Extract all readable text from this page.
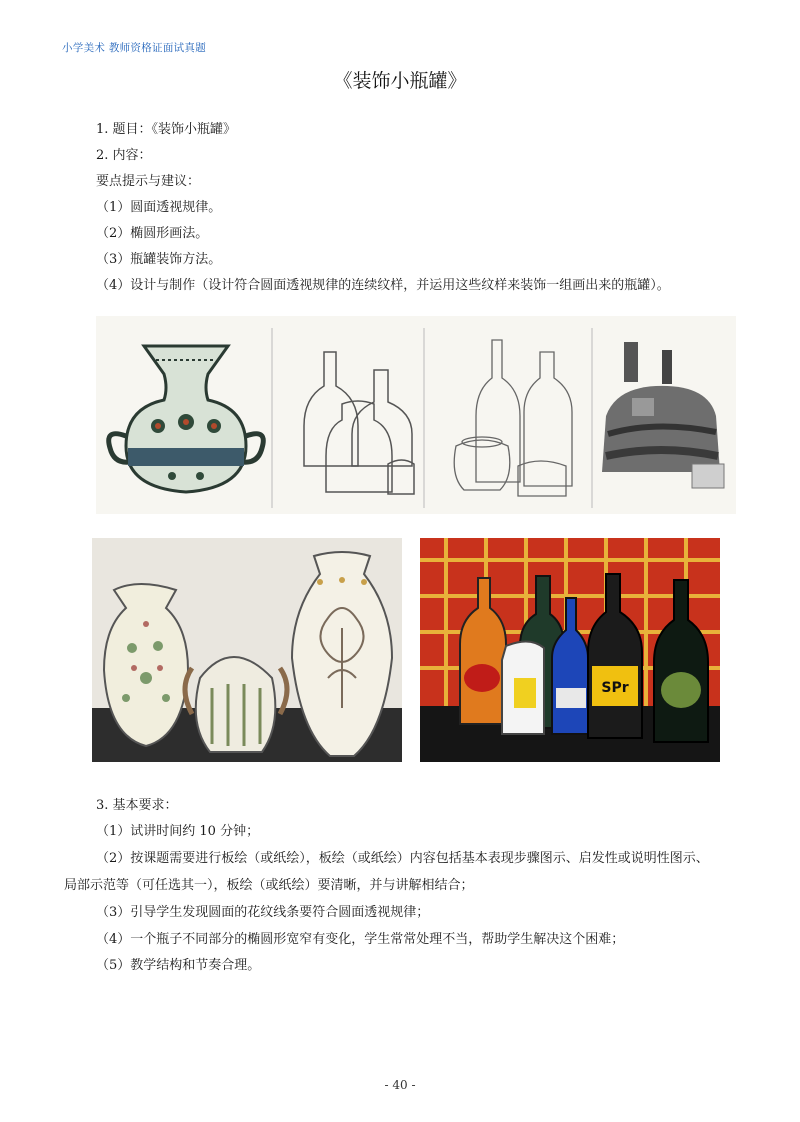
小学美术 教师资格证面试真题
《装饰小瓶罐》
1. 题目：《装饰小瓶罐》
2. 内容：
要点提示与建议：
（1）圆面透视规律。
（2）椭圆形画法。
（3）瓶罐装饰方法。
（4）设计与制作（设计符合圆面透视规律的连续纹样，并运用这些纹样来装饰一组画出来的瓶罐）。
SPr
3. 基本要求：
（1）试讲时间约 10 分钟；
（2）按课题需要进行板绘（或纸绘），板绘（或纸绘）内容包括基本表现步骤图示、启发性或说明性图示、
局部示范等（可任选其一），板绘（或纸绘）要清晰，并与讲解相结合；
（3）引导学生发现圆面的花纹线条要符合圆面透视规律；
（4）一个瓶子不同部分的椭圆形宽窄有变化，学生常常处理不当，帮助学生解决这个困难；
（5）教学结构和节奏合理。
- 40 -
